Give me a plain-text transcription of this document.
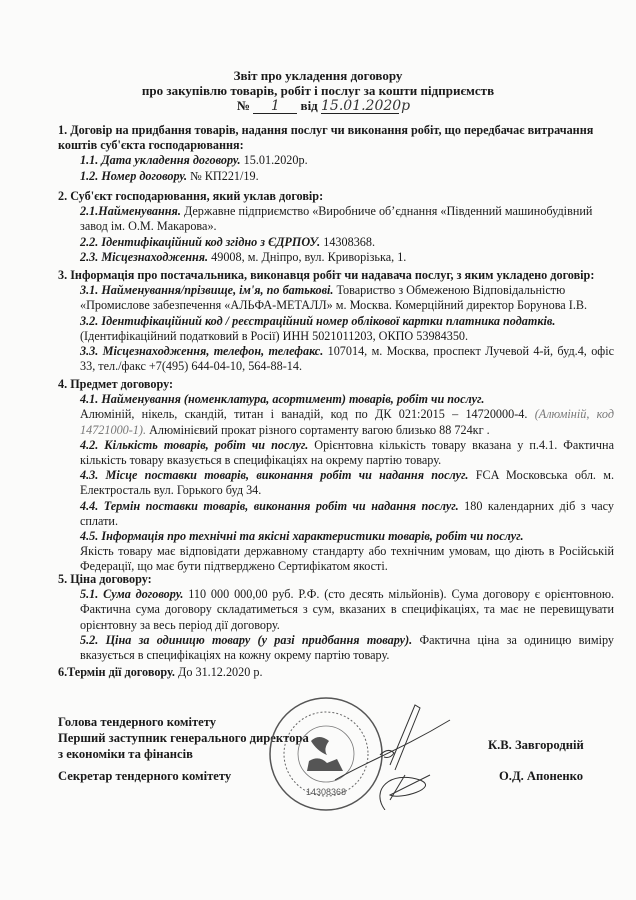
Звіт про укладення договору
про закупівлю товарів, робіт і послуг за кошти підприємств
№ 1 від 15.01.2020р
1. Договір на придбання товарів, надання послуг чи виконання робіт, що передбачає витрачання коштів суб'єкта господарювання:
1.1. Дата укладення договору. 15.01.2020р.
1.2. Номер договору. № КП221/19.
2. Суб'єкт господарювання, який уклав договір:
2.1.Найменування. Державне підприємство «Виробниче об’єднання «Південний машинобудівний завод ім. О.М. Макарова».
2.2. Ідентифікаційний код згідно з ЄДРПОУ. 14308368.
2.3. Місцезнаходження. 49008, м. Дніпро, вул. Криворізька, 1.
3. Інформація про постачальника, виконавця робіт чи надавача послуг, з яким укладено договір:
3.1. Найменування/прізвище, ім'я, по батькові. Товариство з Обмеженою Відповідальністю «Промислове забезпечення «АЛЬФА-МЕТАЛЛ» м. Москва. Комерційний директор Борунова І.В.
3.2. Ідентифікаційний код / реєстраційний номер облікової картки платника податків. (Ідентифікаційний податковий в Росії) ИНН 5021011203, ОКПО 53984350.
3.3. Місцезнаходження, телефон, телефакс. 107014, м. Москва, проспект Лучевой 4-й, буд.4, офіс 33, тел./факс +7(495) 644-04-10, 564-88-14.
4. Предмет договору:
4.1. Найменування (номенклатура, асортимент) товарів, робіт чи послуг.
Алюміній, нікель, скандій, титан і ванадій, код по ДК 021:2015 – 14720000-4. (Алюміній, код 14721000-1). Алюмінієвий прокат різного сортаменту вагою близько 88 724кг .
4.2. Кількість товарів, робіт чи послуг. Орієнтовна кількість товару вказана у п.4.1. Фактична кількість товару вказується в специфікаціях на окрему партію товару.
4.3. Місце поставки товарів, виконання робіт чи надання послуг. FCA Московська обл. м. Електросталь вул. Горького буд 34.
4.4. Термін поставки товарів, виконання робіт чи надання послуг. 180 календарних діб з часу сплати.
4.5. Інформація про технічні та якісні характеристики товарів, робіт чи послуг.
Якість товару має відповідати державному стандарту або технічним умовам, що діють в Російській Федерації, що має бути підтверджено Сертифікатом якості.
5. Ціна договору:
5.1. Сума договору. 110 000 000,00 руб. Р.Ф. (сто десять мільйонів). Сума договору є орієнтовною. Фактична сума договору складатиметься з сум, вказаних в специфікаціях, та має не перевищувати орієнтовну за весь період дії договору.
5.2. Ціна за одиницю товару (у разі придбання товару). Фактична ціна за одиницю виміру вказується в специфікаціях на кожну окрему партію товару.
6.Термін дії договору. До 31.12.2020 р.
Голова тендерного комітету
Перший заступник генерального директора
з економіки та фінансів
К.В. Завгородній
Секретар тендерного комітету	О.Д. Апоненко
14308368
